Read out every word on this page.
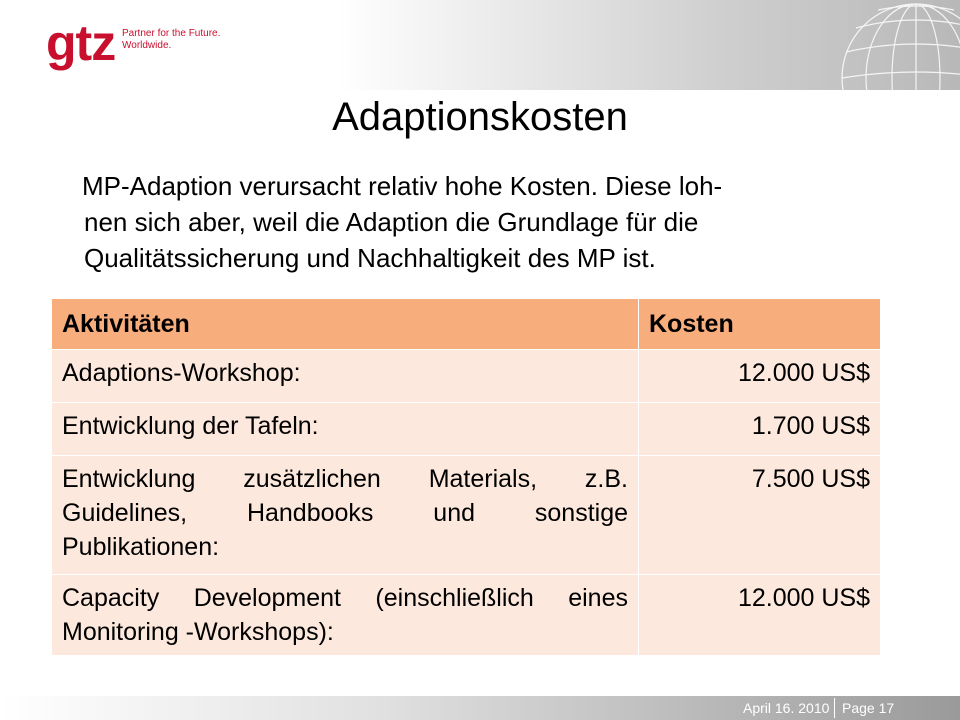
gtz Partner for the Future.
Worldwide.
Adaptionskosten
MP-Adaption verursacht relativ hohe Kosten. Diese loh-
nen sich aber, weil die Adaption die Grundlage für die
Qualitätssicherung und Nachhaltigkeit des MP ist.
Aktivitäten	Kosten
Adaptions-Workshop:	12.000 US$
Entwicklung der Tafeln:	1.700 US$
Entwicklung zusätzlichen Materials, z.B. Guidelines, Handbooks und sonstige Publikationen:	7.500 US$
Capacity Development (einschließlich eines Monitoring -Workshops):	12.000 US$
April 16. 2010 Page 17
